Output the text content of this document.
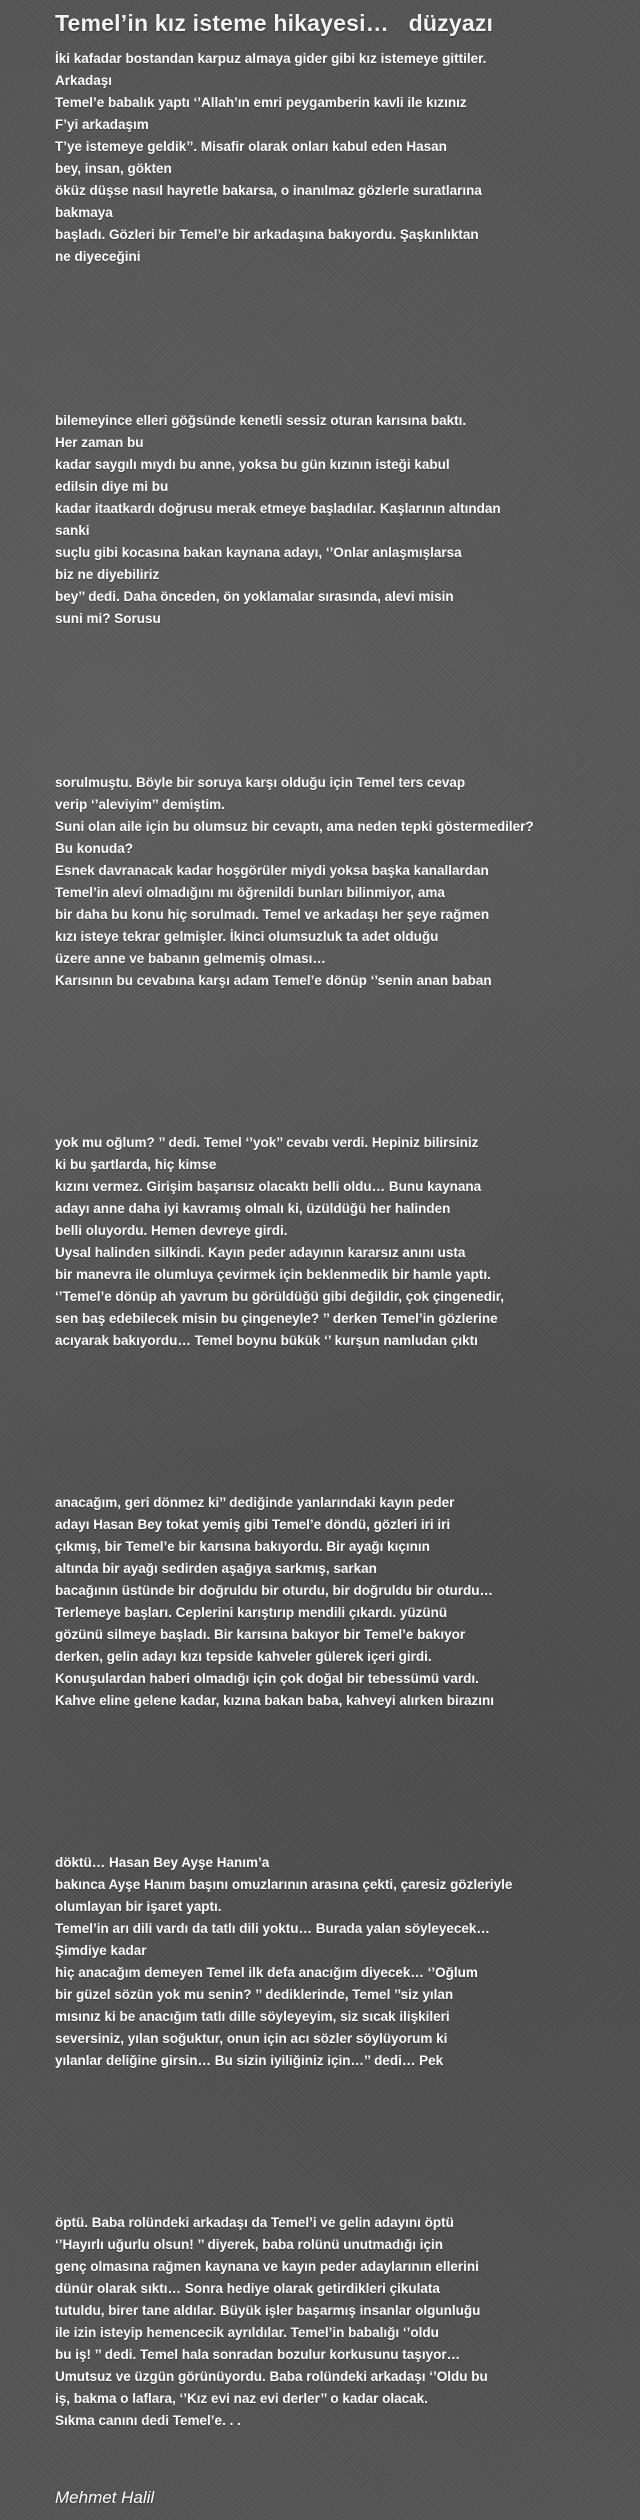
Temel’in kız isteme hikayesi…   düzyazı
İki kafadar bostandan karpuz almaya gider gibi kız istemeye gittiler.
Arkadaşı
Temel’e babalık yaptı ‘’Allah’ın emri peygamberin kavli ile kızınız
F’yi arkadaşım
T’ye istemeye geldik’’. Misafir olarak onları kabul eden Hasan
bey, insan, gökten
öküz düşse nasıl hayretle bakarsa, o inanılmaz gözlerle suratlarına
bakmaya
başladı. Gözleri bir Temel’e bir arkadaşına bakıyordu. Şaşkınlıktan
ne diyeceğini
bilemeyince elleri göğsünde kenetli sessiz oturan karısına baktı.
Her zaman bu
kadar saygılı mıydı bu anne, yoksa bu gün kızının isteği kabul
edilsin diye mi bu
kadar itaatkardı doğrusu merak etmeye başladılar. Kaşlarının altından
sanki
suçlu gibi kocasına bakan kaynana adayı, ‘’Onlar anlaşmışlarsa
biz ne diyebiliriz
bey’’ dedi. Daha önceden, ön yoklamalar sırasında, alevi misin
suni mi? Sorusu
sorulmuştu. Böyle bir soruya karşı olduğu için Temel ters cevap
verip ‘’aleviyim’’ demiştim.
Suni olan aile için bu olumsuz bir cevaptı, ama neden tepki göstermediler?
Bu konuda?
Esnek davranacak kadar hoşgörüler miydi yoksa başka kanallardan
Temel’in alevi olmadığını mı öğrenildi bunları bilinmiyor, ama
bir daha bu konu hiç sorulmadı. Temel ve arkadaşı her şeye rağmen
kızı isteye tekrar gelmişler. İkinci olumsuzluk ta adet olduğu
üzere anne ve babanın gelmemiş olması…
Karısının bu cevabına karşı adam Temel’e dönüp ‘’senin anan baban
yok mu oğlum? ’’ dedi. Temel ‘’yok’’ cevabı verdi. Hepiniz bilirsiniz
ki bu şartlarda, hiç kimse
kızını vermez. Girişim başarısız olacaktı belli oldu… Bunu kaynana
adayı anne daha iyi kavramış olmalı ki, üzüldüğü her halinden
belli oluyordu. Hemen devreye girdi.
Uysal halinden silkindi. Kayın peder adayının kararsız anını usta
bir manevra ile olumluya çevirmek için beklenmedik bir hamle yaptı.
‘’Temel’e dönüp ah yavrum bu görüldüğü gibi değildir, çok çingenedir,
sen baş edebilecek misin bu çingeneyle? ’’ derken Temel’in gözlerine
acıyarak bakıyordu… Temel boynu bükük ‘’ kurşun namludan çıktı
anacağım, geri dönmez ki’’ dediğinde yanlarındaki kayın peder
adayı Hasan Bey tokat yemiş gibi Temel’e döndü, gözleri iri iri
çıkmış, bir Temel’e bir karısına bakıyordu. Bir ayağı kıçının
altında bir ayağı sedirden aşağıya sarkmış, sarkan
bacağının üstünde bir doğruldu bir oturdu, bir doğruldu bir oturdu…
Terlemeye başları. Ceplerini karıştırıp mendili çıkardı. yüzünü
gözünü silmeye başladı. Bir karısına bakıyor bir Temel’e bakıyor
derken, gelin adayı kızı tepside kahveler gülerek içeri girdi.
Konuşulardan haberi olmadığı için çok doğal bir tebessümü vardı.
Kahve eline gelene kadar, kızına bakan baba, kahveyi alırken birazını
döktü… Hasan Bey Ayşe Hanım’a
bakınca Ayşe Hanım başını omuzlarının arasına çekti, çaresiz gözleriyle
olumlayan bir işaret yaptı.
Temel’in arı dili vardı da tatlı dili yoktu… Burada yalan söyleyecek…
Şimdiye kadar
hiç anacağım demeyen Temel ilk defa anacığım diyecek… ‘’Oğlum
bir güzel sözün yok mu senin? ’’ dediklerinde, Temel ’’siz yılan
mısınız ki be anacığım tatlı dille söyleyeyim, siz sıcak ilişkileri
seversiniz, yılan soğuktur, onun için acı sözler söylüyorum ki
yılanlar deliğine girsin… Bu sizin iyiliğiniz için…’’ dedi… Pek
öptü. Baba rolündeki arkadaşı da Temel’i ve gelin adayını öptü
‘’Hayırlı uğurlu olsun! ’’ diyerek, baba rolünü unutmadığı için
genç olmasına rağmen kaynana ve kayın peder adaylarının ellerini
dünür olarak sıktı… Sonra hediye olarak getirdikleri çikulata
tutuldu, birer tane aldılar. Büyük işler başarmış insanlar olgunluğu
ile izin isteyip hemencecik ayrıldılar. Temel’in babalığı ‘’oldu
bu iş! ’’ dedi. Temel hala sonradan bozulur korkusunu taşıyor…
Umutsuz ve üzgün görünüyordu. Baba rolündeki arkadaşı ‘’Oldu bu
iş, bakma o laflara, ‘’Kız evi naz evi derler’’ o kadar olacak.
Sıkma canını dedi Temel’e. . .
Mehmet Halil
